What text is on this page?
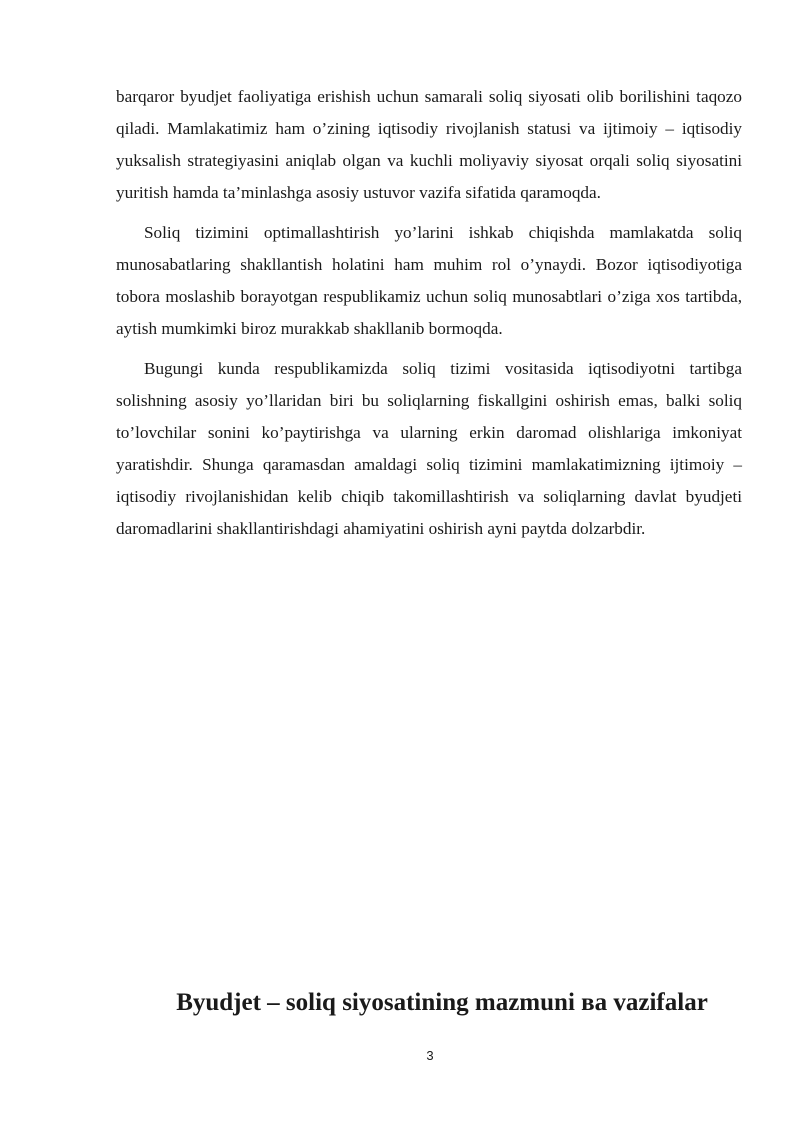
barqaror byudjet faoliyatiga erishish uchun samarali soliq siyosati olib borilishini taqozo qiladi. Mamlakatimiz ham o’zining iqtisodiy rivojlanish statusi va ijtimoiy – iqtisodiy yuksalish strategiyasini aniqlab olgan va kuchli moliyaviy siyosat orqali soliq siyosatini yuritish hamda ta’minlashga asosiy ustuvor vazifa sifatida qaramoqda.

Soliq tizimini optimallashtirish yo’larini ishkab chiqishda mamlakatda soliq munosabatlaring shakllantish holatini ham muhim rol o’ynaydi. Bozor iqtisodiyotiga tobora moslashib borayotgan respublikamiz uchun soliq munosabtlari o’ziga xos tartibda, aytish mumkimki biroz murakkab shakllanib bormoqda.

Bugungi kunda respublikamizda soliq tizimi vositasida iqtisodiyotni tartibga solishning asosiy yo’llaridan biri bu soliqlarning fiskallgini oshirish emas, balki soliq to’lovchilar sonini ko’paytirishga va ularning erkin daromad olishlariga imkoniyat yaratishdir. Shunga qaramasdan amaldagi soliq tizimini mamlakatimizning ijtimoiy – iqtisodiy rivojlanishidan kelib chiqib takomillashtirish va soliqlarning davlat byudjeti daromadlarini shakllantirishdagi ahamiyatini oshirish ayni paytda dolzarbdir.

Byudjet – soliq siyosatining mazmuni ва vazifalar
3
